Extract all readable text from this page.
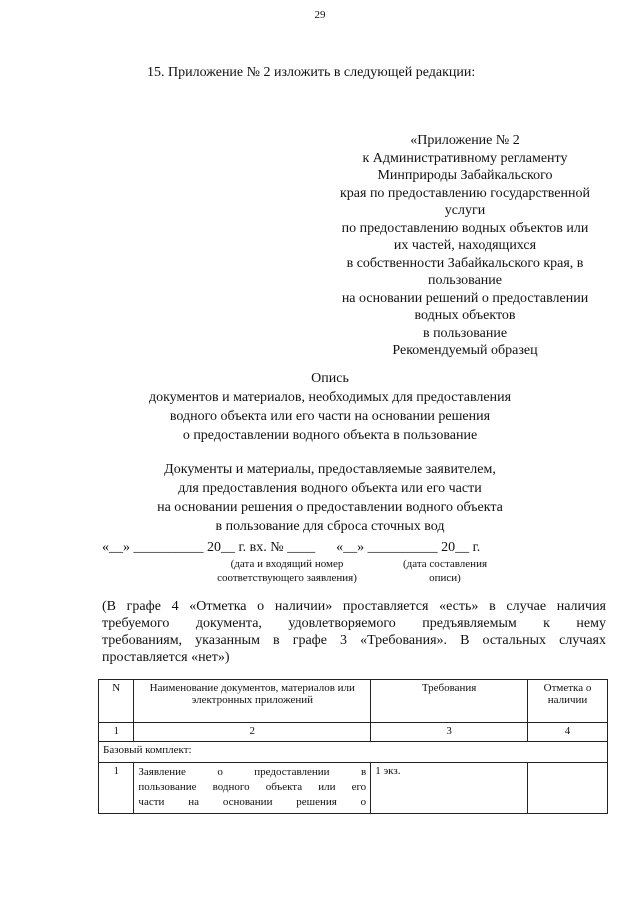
29
15. Приложение № 2 изложить в следующей редакции:
«Приложение № 2
к Административному регламенту
Минприроды Забайкальского
края по предоставлению государственной
услуги
по предоставлению водных объектов или
их частей, находящихся
в собственности Забайкальского края, в
пользование
на основании решений о предоставлении
водных объектов
в пользование
Рекомендуемый образец
Опись
документов и материалов, необходимых для предоставления
водного объекта или его части на основании решения
о предоставлении водного объекта в пользование
Документы и материалы, предоставляемые заявителем,
для предоставления водного объекта или его части
на основании решения о предоставлении водного объекта
в пользование для сброса сточных вод
«__» __________ 20__ г. вх. № ____      «__» __________ 20__ г.
(дата и входящий номер
соответствующего заявления)
(дата составления
описи)
(В графе 4 «Отметка о наличии» проставляется «есть» в случае наличия
требуемого документа, удовлетворяемого предъявляемым к нему
требованиям, указанным в графе 3 «Требования». В остальных случаях
проставляется «нет»)
N	Наименование документов, материалов или электронных приложений	Требования	Отметка о наличии
1	2	3	4
Базовый комплект:			
1	Заявление о предоставлении в
пользование водного объекта или его
части на основании решения о	1 экз.	
